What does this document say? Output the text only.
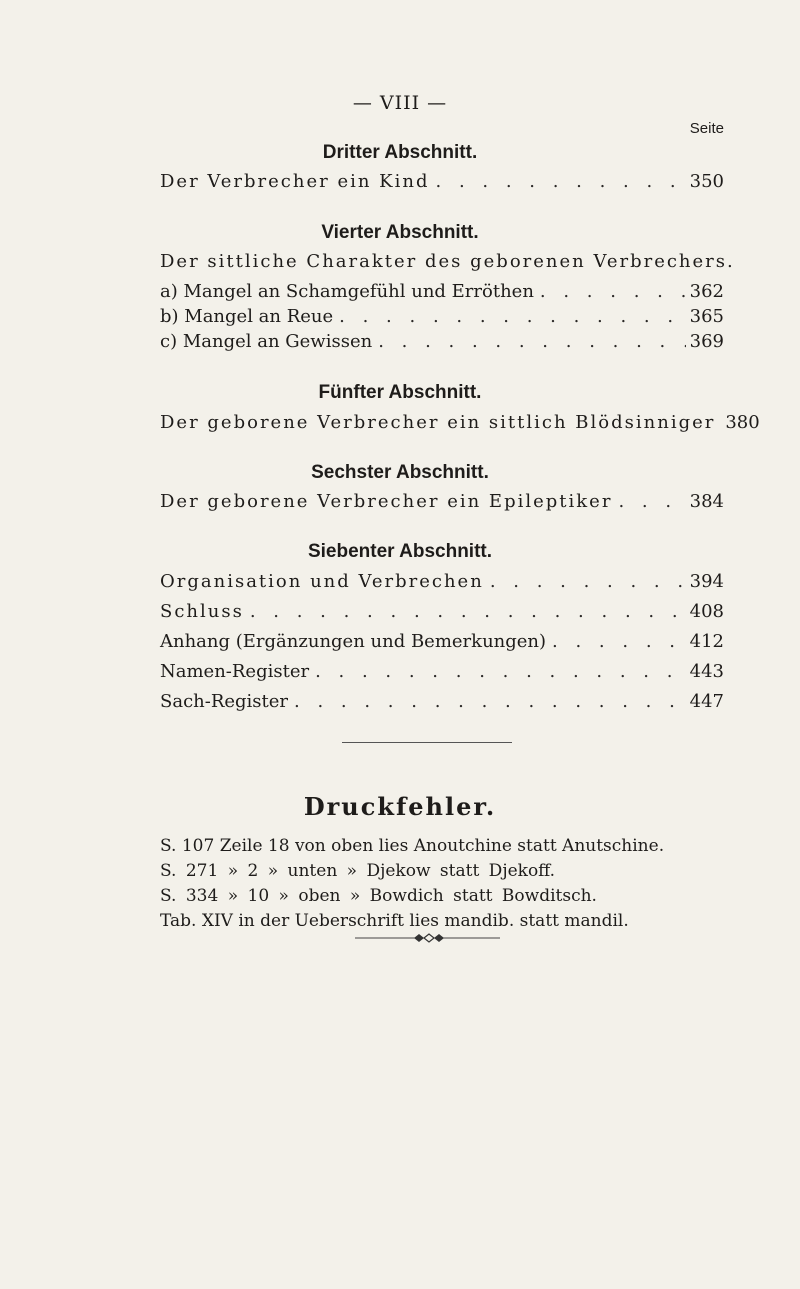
— VIII —
Seite
Dritter Abschnitt.
Der Verbrecher ein Kind . . .	350
Vierter Abschnitt.
Der sittliche Charakter des geborenen Verbrechers.
a) Mangel an Schamgefühl und Erröthen . . .	362
b) Mangel an Reue . . .	365
c) Mangel an Gewissen . . .	369
Fünfter Abschnitt.
Der geborene Verbrecher ein sittlich Blödsinniger . . . 380
Sechster Abschnitt.
Der geborene Verbrecher ein Epileptiker . . .	384
Siebenter Abschnitt.
Organisation und Verbrechen . . .	394
Schluss . . .	408
Anhang (Ergänzungen und Bemerkungen) . . .	412
Namen-Register . . .	443
Sach-Register . . .	447
Druckfehler.
S. 107 Zeile 18 von oben lies Anoutchine statt Anutschine.
S. 271 » 2 » unten » Djekow statt Djekoff.
S. 334 » 10 » oben » Bowdich statt Bowditsch.
Tab. XIV in der Ueberschrift lies mandib. statt mandil.
